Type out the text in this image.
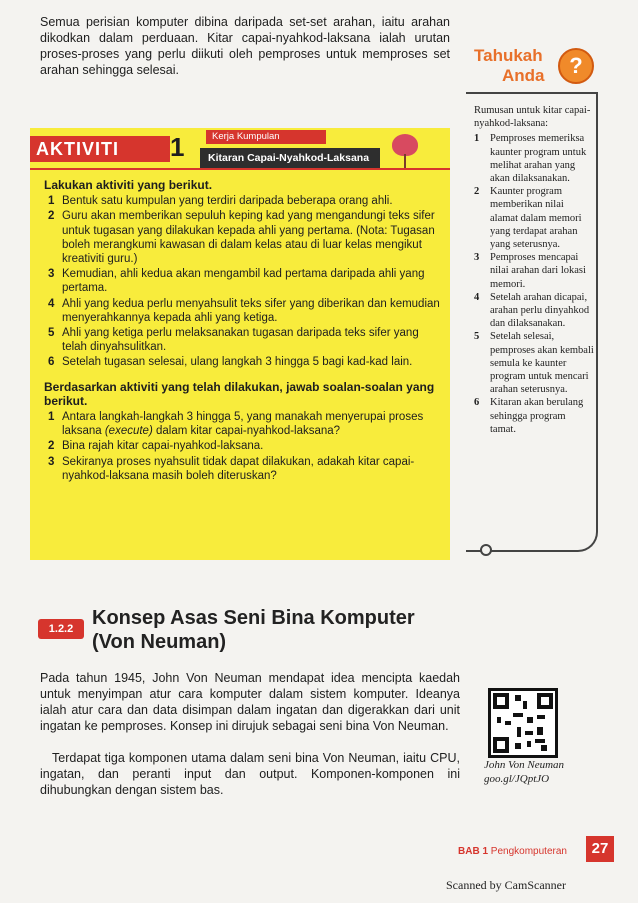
Semua perisian komputer dibina daripada set-set arahan, iaitu arahan dikodkan dalam perduaan. Kitar capai-nyahkod-laksana ialah urutan proses-proses yang perlu diikuti oleh pemproses untuk memproses set arahan sehingga selesai.
Tahukah
Anda	?
Rumusan untuk kitar capai-nyahkod-laksana:
1 Pemproses memeriksa kaunter program untuk melihat arahan yang akan dilaksanakan.
2 Kaunter program memberikan nilai alamat dalam memori yang terdapat arahan yang seterusnya.
3 Pemproses mencapai nilai arahan dari lokasi memori.
4 Setelah arahan dicapai, arahan perlu dinyahkod dan dilaksanakan.
5 Setelah selesai, pemproses akan kembali semula ke kaunter program untuk mencari arahan seterusnya.
6 Kitaran akan berulang sehingga program tamat.
AKTIVITI	1	Kerja Kumpulan
Kitaran Capai-Nyahkod-Laksana
Lakukan aktiviti yang berikut.
1 Bentuk satu kumpulan yang terdiri daripada beberapa orang ahli.
2 Guru akan memberikan sepuluh keping kad yang mengandungi teks sifer untuk tugasan yang dilakukan kepada ahli yang pertama. (Nota: Tugasan boleh merangkumi kawasan di dalam kelas atau di luar kelas mengikut kreativiti guru.)
3 Kemudian, ahli kedua akan mengambil kad pertama daripada ahli yang pertama.
4 Ahli yang kedua perlu menyahsulit teks sifer yang diberikan dan kemudian menyerahkannya kepada ahli yang ketiga.
5 Ahli yang ketiga perlu melaksanakan tugasan daripada teks sifer yang telah dinyahsulitkan.
6 Setelah tugasan selesai, ulang langkah 3 hingga 5 bagi kad-kad lain.
Berdasarkan aktiviti yang telah dilakukan, jawab soalan-soalan yang berikut.
1 Antara langkah-langkah 3 hingga 5, yang manakah menyerupai proses laksana (execute) dalam kitar capai-nyahkod-laksana?
2 Bina rajah kitar capai-nyahkod-laksana.
3 Sekiranya proses nyahsulit tidak dapat dilakukan, adakah kitar capai-nyahkod-laksana masih boleh diteruskan?
1.2.2 Konsep Asas Seni Bina Komputer
(Von Neuman)
Pada tahun 1945, John Von Neuman mendapat idea mencipta kaedah untuk menyimpan atur cara komputer dalam sistem komputer. Ideanya ialah atur cara dan data disimpan dalam ingatan dan digerakkan dari unit ingatan ke pemproses. Konsep ini dirujuk sebagai seni bina Von Neuman.
Terdapat tiga komponen utama dalam seni bina Von Neuman, iaitu CPU, ingatan, dan peranti input dan output. Komponen-komponen ini dihubungkan dengan sistem bas.
John Von Neuman
goo.gl/JQptJO
BAB 1 Pengkomputeran	27
Scanned by CamScanner
